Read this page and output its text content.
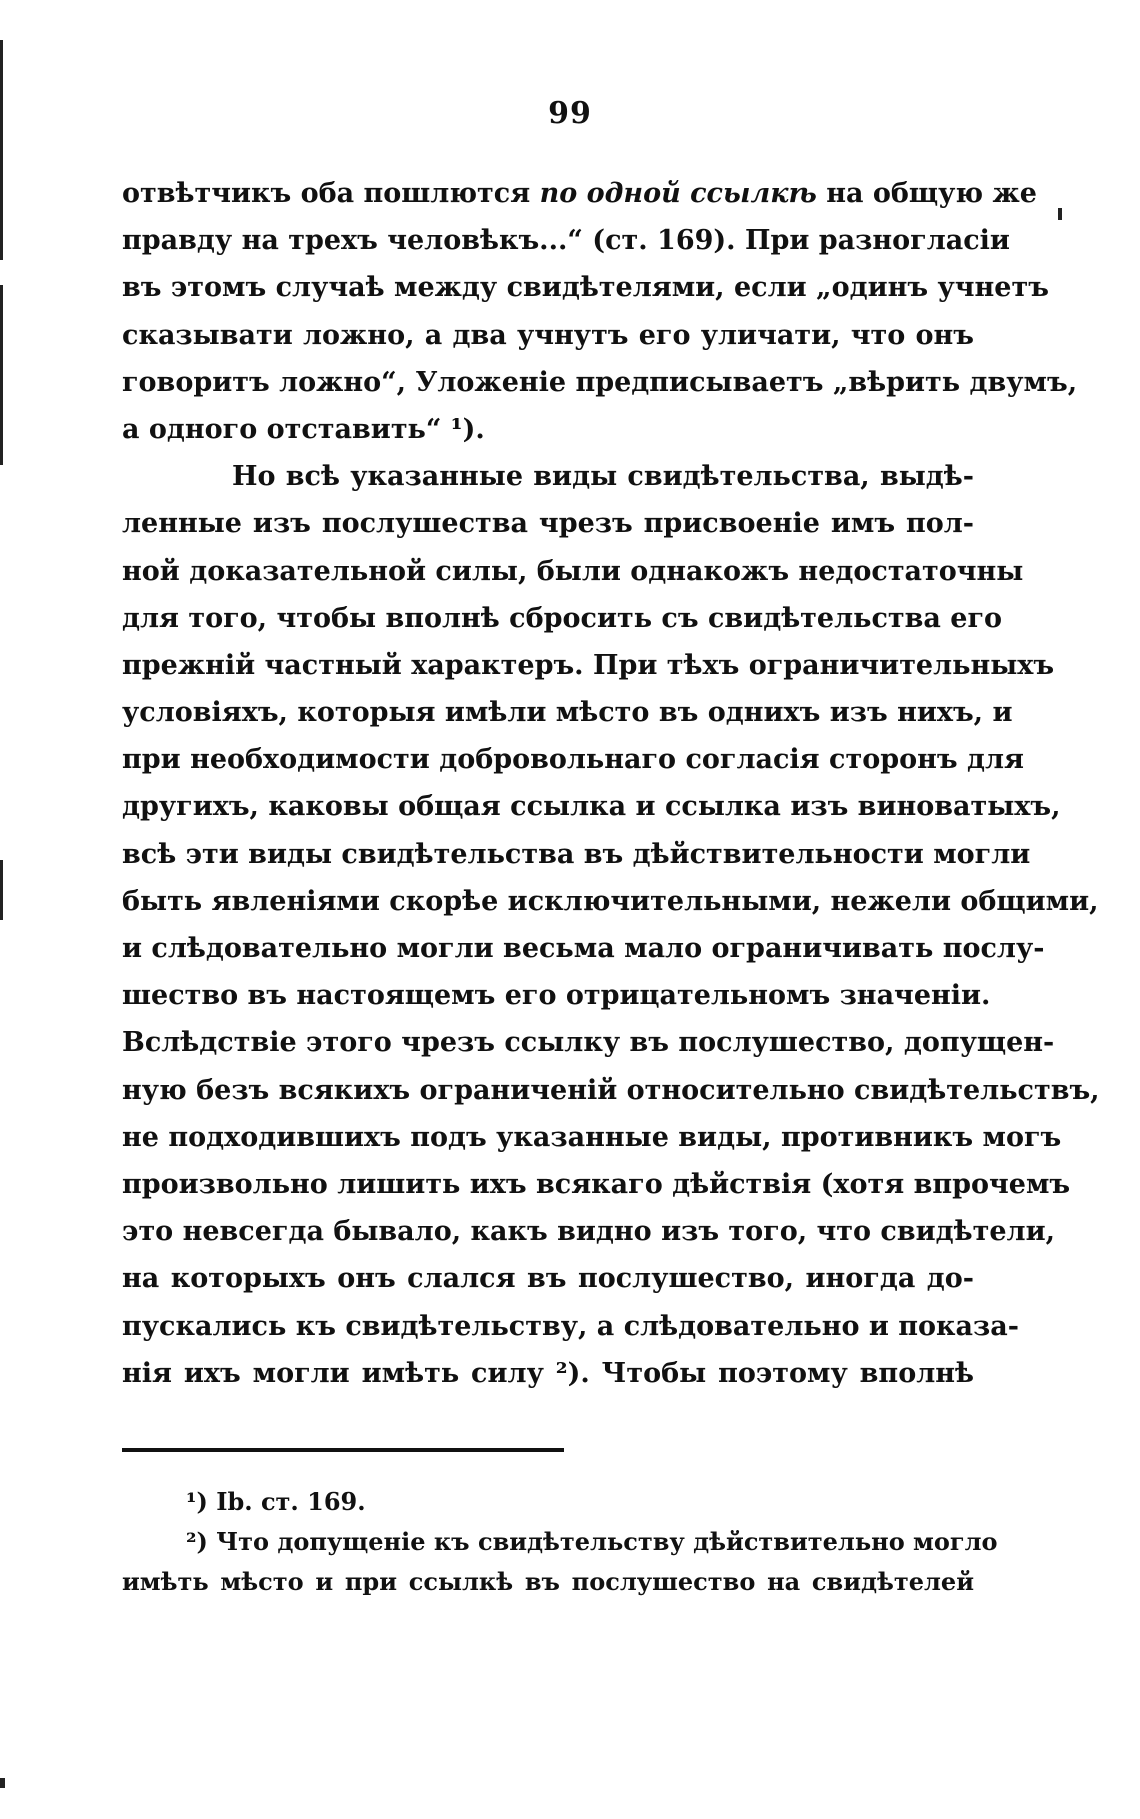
99
отвѣтчикъ оба пошлются по одной ссылкѣ на общую же
правду на трехъ человѣкъ...“ (ст. 169). При разногласіи
въ этомъ случаѣ между свидѣтелями, если „одинъ учнетъ
сказывати ложно, а два учнутъ его уличати, что онъ
говоритъ ложно“, Уложеніе предписываетъ „вѣрить двумъ,
а одного отставить“ ¹).
Но всѣ указанные виды свидѣтельства, выдѣ-
ленные изъ послушества чрезъ присвоеніе имъ пол-
ной доказательной силы, были однакожъ недостаточны
для того, чтобы вполнѣ сбросить съ свидѣтельства его
прежній частный характеръ. При тѣхъ ограничительныхъ
условіяхъ, которыя имѣли мѣсто въ однихъ изъ нихъ, и
при необходимости добровольнаго согласія сторонъ для
другихъ, каковы общая ссылка и ссылка изъ виноватыхъ,
всѣ эти виды свидѣтельства въ дѣйствительности могли
быть явленіями скорѣе исключительными, нежели общими,
и слѣдовательно могли весьма мало ограничивать послу-
шество въ настоящемъ его отрицательномъ значеніи.
Вслѣдствіе этого чрезъ ссылку въ послушество, допущен-
ную безъ всякихъ ограниченій относительно свидѣтельствъ,
не подходившихъ подъ указанные виды, противникъ могъ
произвольно лишить ихъ всякаго дѣйствія (хотя впрочемъ
это невсегда бывало, какъ видно изъ того, что свидѣтели,
на которыхъ онъ слался въ послушество, иногда до-
пускались къ свидѣтельству, а слѣдовательно и показа-
нія ихъ могли имѣть силу ²). Чтобы поэтому вполнѣ
¹) Ib. ст. 169.
²) Что допущеніе къ свидѣтельству дѣйствительно могло
имѣть мѣсто и при ссылкѣ въ послушество на свидѣтелей
